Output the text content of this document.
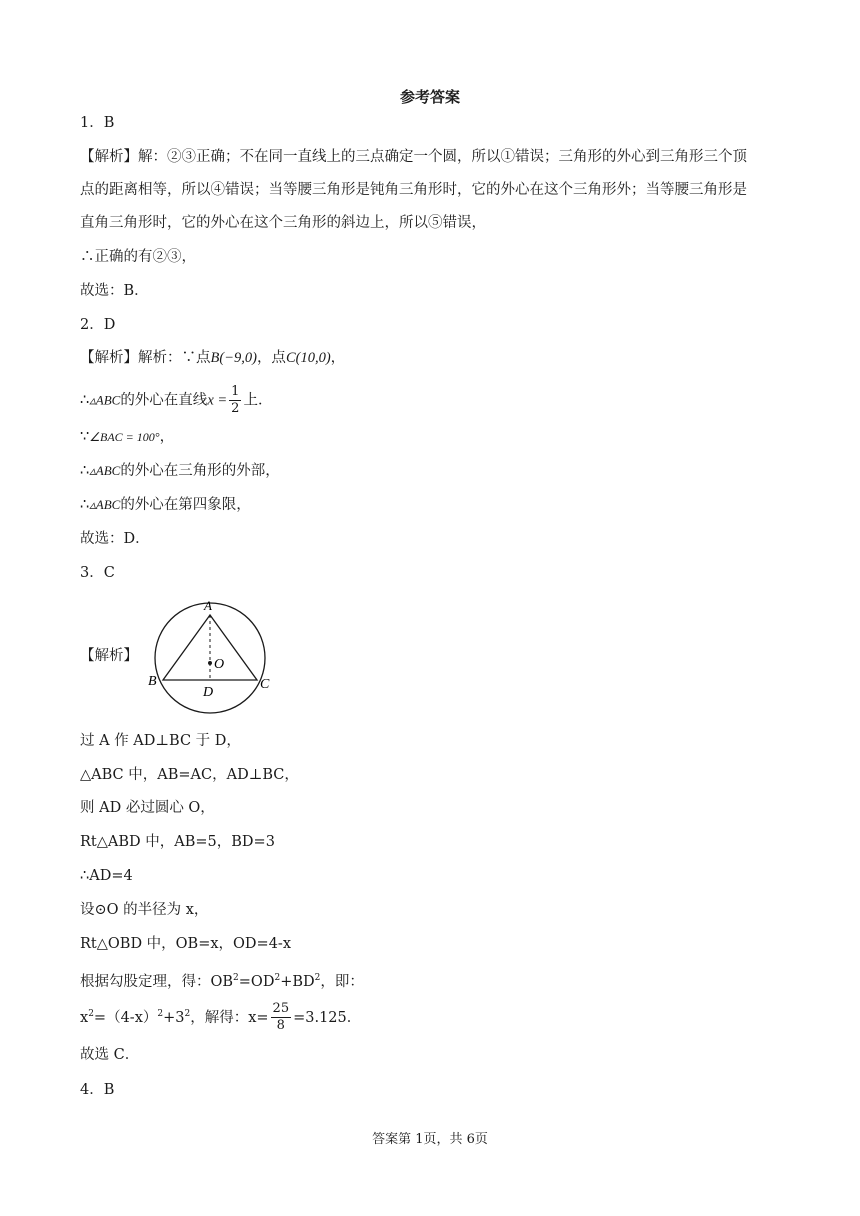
参考答案
1．B
【解析】解：②③正确；不在同一直线上的三点确定一个圆，所以①错误；三角形的外心到三角形三个顶
点的距离相等，所以④错误；当等腰三角形是钝角三角形时，它的外心在这个三角形外；当等腰三角形是
直角三角形时，它的外心在这个三角形的斜边上，所以⑤错误，
∴正确的有②③，
故选：B．
2．D
【解析】解析：∵点B(−9,0)，点C(10,0)，
∴▵ABC的外心在直线$x = \frac{1}{2}$ 上．
∵∠BAC = 100°，
∴▵ABC的外心在三角形的外部，
∴▵ABC的外心在第四象限，
故选：D．
3．C
【解析】
A
B	C
D
O
过 A 作 AD⊥BC 于 D，
△ABC 中，AB=AC，AD⊥BC，
则 AD 必过圆心 O，
Rt△ABD 中，AB=5，BD=3
∴AD=4
设⊙O 的半径为 x，
Rt△OBD 中，OB=x，OD=4-x
根据勾股定理，得：$OB^2=OD^2+BD^2$，即：
$x^2=(4-x)^2+3^2$，解得：$x= \frac{25}{8} =3.125$．
故选 C．
4．B
答案第 1页，共 6页
